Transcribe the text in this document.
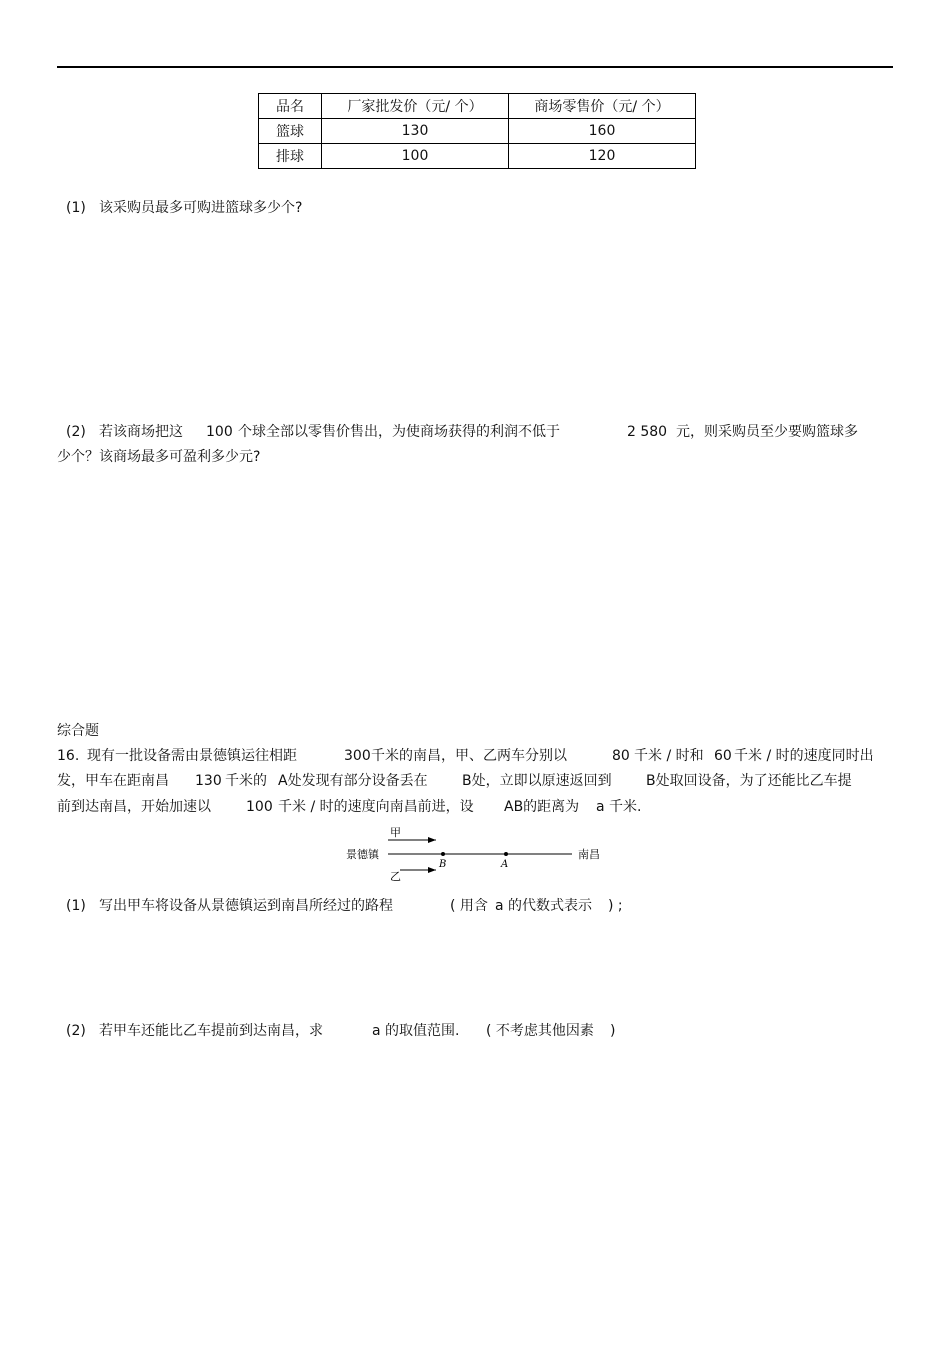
品名	厂家批发价（元/ 个）	商场零售价（元/ 个）
篮球	130	160
排球	100	120
(1) 该采购员最多可购进篮球多少个?
(2) 若该商场把这 100 个球全部以零售价售出，为使商场获得的利润不低于	2 580 元，则采购员至少要购篮球多
少个？该商场最多可盈利多少元?
综合题
16. 现有一批设备需由景德镇运往相距	300千米的南昌，甲、乙两车分别以	80 千米 / 时和 60 千米 / 时的速度同时出
发，甲车在距南昌 130 千米的 A处发现有部分设备丢在 B处，立即以原速返回到 B处取回设备，为了还能比乙车提
前到达南昌，开始加速以	100 千米 / 时的速度向南昌前进，设 AB的距离为 a 千米.
甲
景德镇
B	A
南昌
乙
(1) 写出甲车将设备从景德镇运到南昌所经过的路程	( 用含 a 的代数式表示 ) ;
(2) 若甲车还能比乙车提前到达南昌，求	a 的取值范围. ( 不考虑其他因素 )
